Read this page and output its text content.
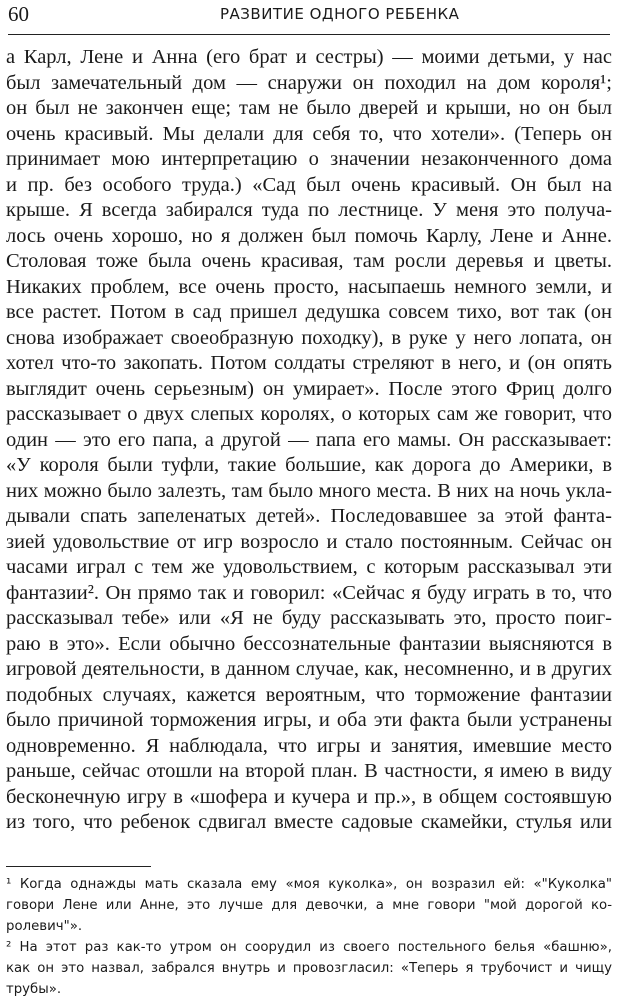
60	РАЗВИТИЕ ОДНОГО РЕБЕНКА
а Карл, Лене и Анна (его брат и сестры) — моими детьми, у нас
был замечательный дом — снаружи он походил на дом короля¹;
он был не закончен еще; там не было дверей и крыши, но он был
очень красивый. Мы делали для себя то, что хотели». (Теперь он
принимает мою интерпретацию о значении незаконченного дома
и пр. без особого труда.) «Сад был очень красивый. Он был на
крыше. Я всегда забирался туда по лестнице. У меня это получа-
лось очень хорошо, но я должен был помочь Карлу, Лене и Анне.
Столовая тоже была очень красивая, там росли деревья и цветы.
Никаких проблем, все очень просто, насыпаешь немного земли, и
все растет. Потом в сад пришел дедушка совсем тихо, вот так (он
снова изображает своеобразную походку), в руке у него лопата, он
хотел что-то закопать. Потом солдаты стреляют в него, и (он опять
выглядит очень серьезным) он умирает». После этого Фриц долго
рассказывает о двух слепых королях, о которых сам же говорит, что
один — это его папа, а другой — папа его мамы. Он рассказывает:
«У короля были туфли, такие большие, как дорога до Америки, в
них можно было залезть, там было много места. В них на ночь укла-
дывали спать запеленатых детей». Последовавшее за этой фанта-
зией удовольствие от игр возросло и стало постоянным. Сейчас он
часами играл с тем же удовольствием, с которым рассказывал эти
фантазии². Он прямо так и говорил: «Сейчас я буду играть в то, что
рассказывал тебе» или «Я не буду рассказывать это, просто поиг-
раю в это». Если обычно бессознательные фантазии выясняются в
игровой деятельности, в данном случае, как, несомненно, и в других
подобных случаях, кажется вероятным, что торможение фантазии
было причиной торможения игры, и оба эти факта были устранены
одновременно. Я наблюдала, что игры и занятия, имевшие место
раньше, сейчас отошли на второй план. В частности, я имею в виду
бесконечную игру в «шофера и кучера и пр.», в общем состоявшую
из того, что ребенок сдвигал вместе садовые скамейки, стулья или
¹ Когда однажды мать сказала ему «моя куколка», он возразил ей: «"Куколка"
говори Лене или Анне, это лучше для девочки, а мне говори "мой дорогой ко-
ролевич"».
² На этот раз как-то утром он соорудил из своего постельного белья «башню»,
как он это назвал, забрался внутрь и провозгласил: «Теперь я трубочист и чищу
трубы».
